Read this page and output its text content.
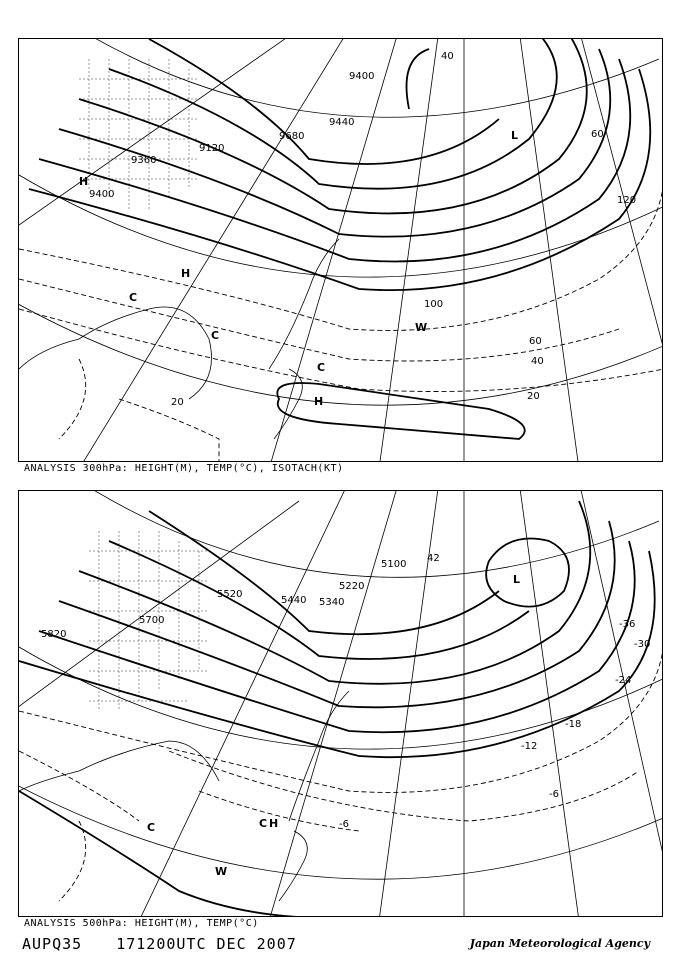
9400
9120
9360
9680
9440
9400
40
20
60
100
120
60
40
20
H
H
H
C
C
C
L
W
ANALYSIS 300hPa: HEIGHT(M), TEMP(°C), ISOTACH(KT)
5820
5700
5520
5440 5340
5220
5100
42
-36
-30
-24
-18
-12
-6
-6
L
C	C H
W
ANALYSIS 500hPa: HEIGHT(M), TEMP(°C)
AUPQ35 171200UTC DEC 2007	Japan Meteorological Agency
